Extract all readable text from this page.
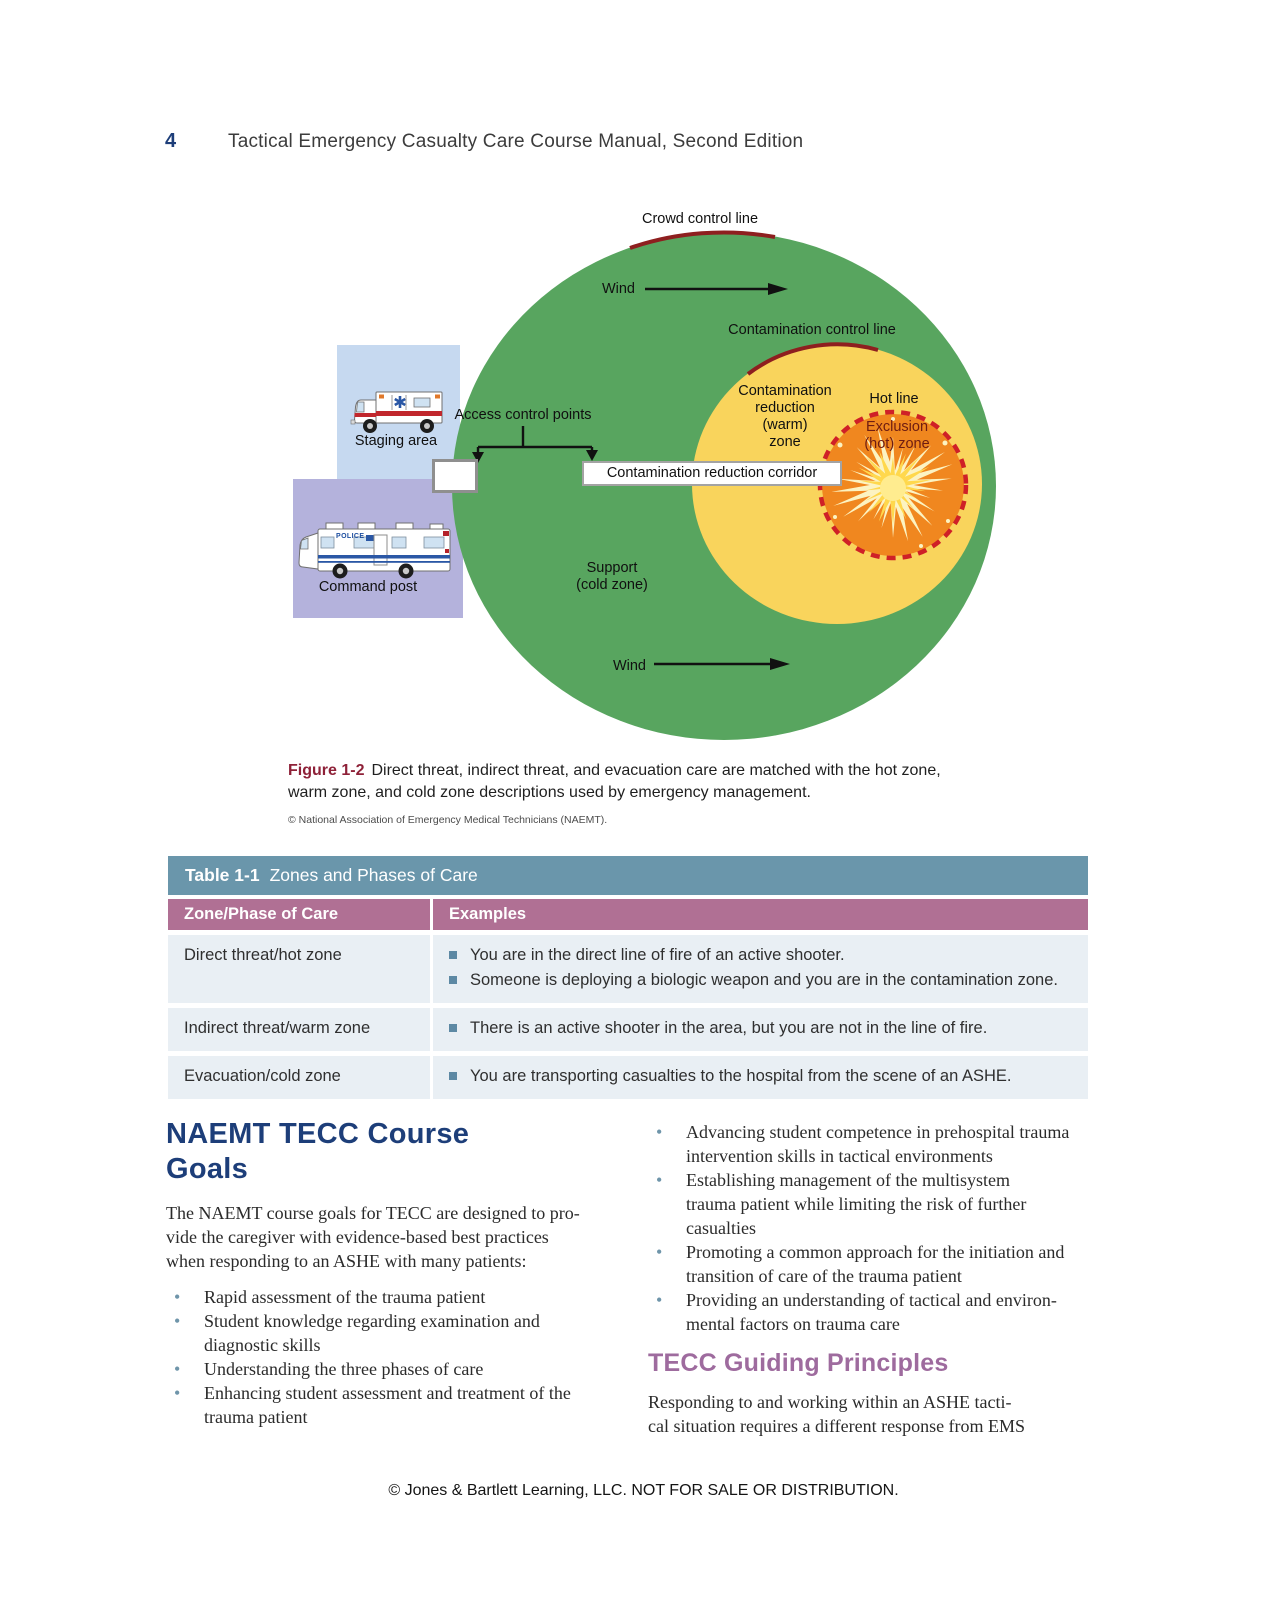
4	Tactical Emergency Casualty Care Course Manual, Second Edition
Contamination reduction corridor
POLICE
Crowd control line
Wind
Contamination control line
Contamination
reduction
(warm)
zone
Hot line
Exclusion
(hot) zone
Access control points
Support
(cold zone)
Wind
Staging area
Command post
Figure 1-2 Direct threat, indirect threat, and evacuation care are matched with the hot zone, warm zone, and cold zone descriptions used by emergency management.
© National Association of Emergency Medical Technicians (NAEMT).
Table 1-1 Zones and Phases of Care
Zone/Phase of Care	Examples
Direct threat/hot zone	You are in the direct line of fire of an active shooter.
Someone is deploying a biologic weapon and you are in the contamination zone.
Indirect threat/warm zone	There is an active shooter in the area, but you are not in the line of fire.
Evacuation/cold zone	You are transporting casualties to the hospital from the scene of an ASHE.
NAEMT TECC Course
Goals

The NAEMT course goals for TECC are designed to pro-
vide the caregiver with evidence-based best practices
when responding to an ASHE with many patients:

• Rapid assessment of the trauma patient
• Student knowledge regarding examination and
diagnostic skills
• Understanding the three phases of care
• Enhancing student assessment and treatment of the
trauma patient
• Advancing student competence in prehospital trauma
intervention skills in tactical environments
• Establishing management of the multisystem
trauma patient while limiting the risk of further
casualties
• Promoting a common approach for the initiation and
transition of care of the trauma patient
• Providing an understanding of tactical and environ-
mental factors on trauma care
TECC Guiding Principles

Responding to and working within an ASHE tacti-
cal situation requires a different response from EMS

© Jones & Bartlett Learning, LLC. NOT FOR SALE OR DISTRIBUTION.
